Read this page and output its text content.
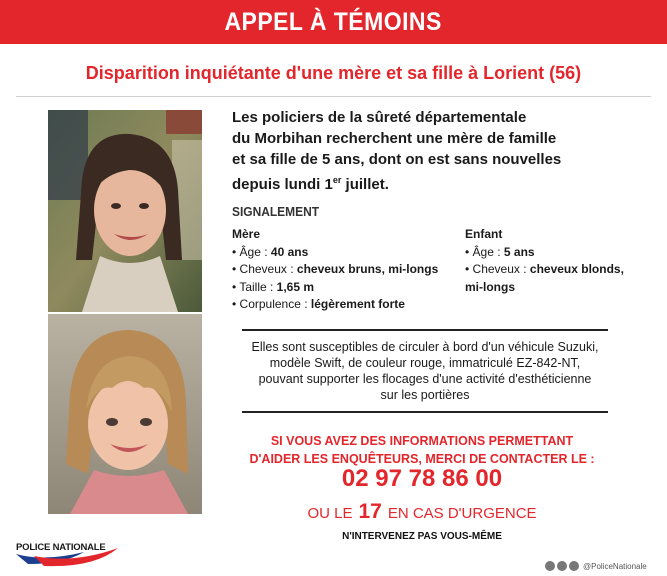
APPEL À TÉMOINS
Disparition inquiétante d'une mère et sa fille à Lorient (56)
Les policiers de la sûreté départementale
du Morbihan recherchent une mère de famille
et sa fille de 5 ans, dont on est sans nouvelles
depuis lundi 1er juillet.
SIGNALEMENT
Mère
• Âge : 40 ans
• Cheveux : cheveux bruns, mi-longs
• Taille : 1,65 m
• Corpulence : légèrement forte
Enfant
• Âge : 5 ans
• Cheveux : cheveux blonds,
mi-longs
Elles sont susceptibles de circuler à bord d'un véhicule Suzuki,
modèle Swift, de couleur rouge, immatriculé EZ-842-NT,
pouvant supporter les flocages d'une activité d'esthéticienne
sur les portières
SI VOUS AVEZ DES INFORMATIONS PERMETTANT
D'AIDER LES ENQUÊTEURS, MERCI DE CONTACTER LE :
02 97 78 86 00
OU LE 17 EN CAS D'URGENCE
N'INTERVENEZ PAS VOUS-MÊME
POLICE NATIONALE
@PoliceNationale
